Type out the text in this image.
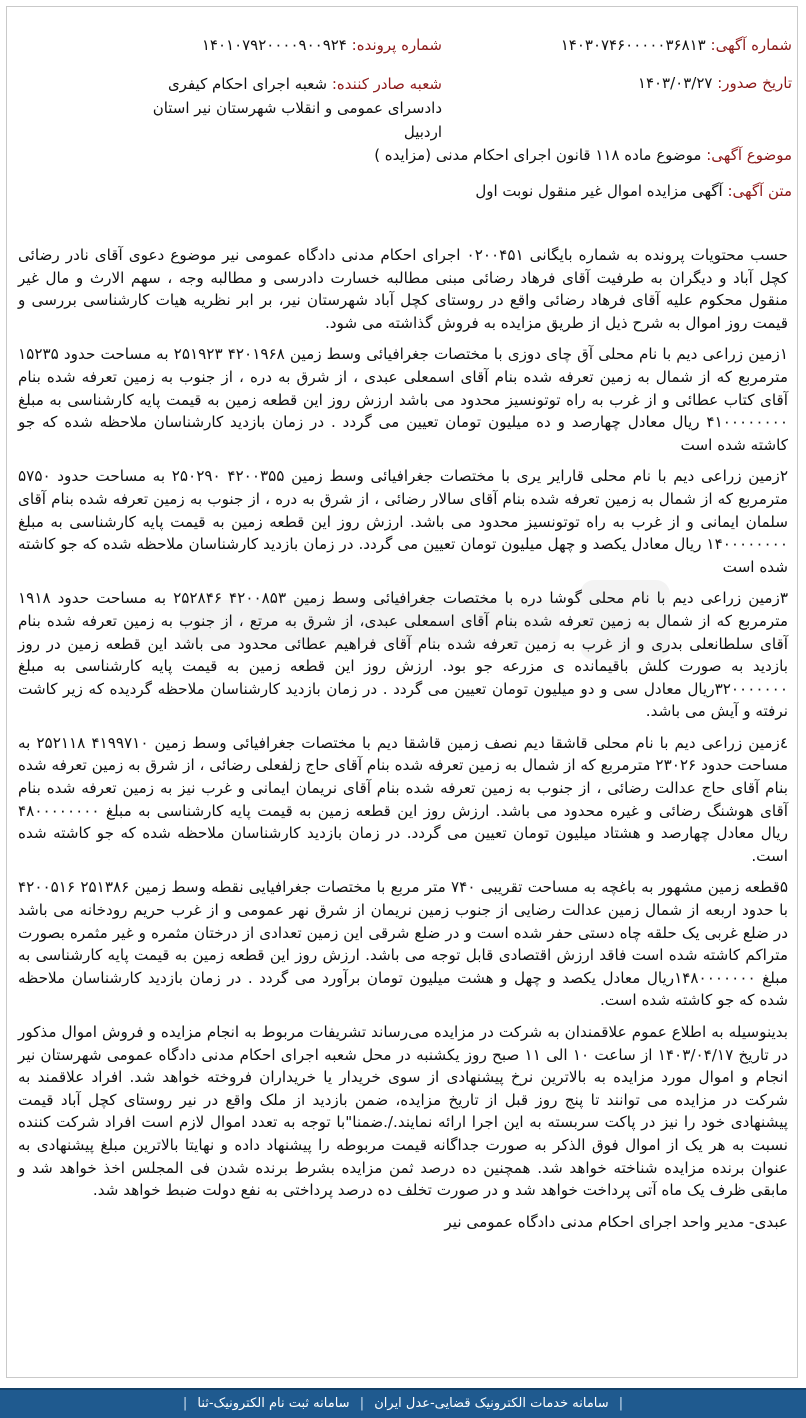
شماره آگهی: ۱۴۰۳۰۷۴۶۰۰۰۰۰۳۶۸۱۳
شماره پرونده: ۱۴۰۱۰۷۹۲۰۰۰۰۹۰۰۹۲۴
تاریخ صدور: ۱۴۰۳/۰۳/۲۷
شعبه صادر کننده: شعبه اجرای احکام کیفری دادسرای عمومی و انقلاب شهرستان نیر استان اردبیل
موضوع آگهی: موضوع ماده ۱۱۸ قانون اجرای احکام مدنی (مزایده )
متن آگهی: آگهی مزایده اموال غیر منقول نوبت اول

حسب محتویات پرونده به شماره بایگانی ۰۲۰۰۴۵۱ اجرای احکام مدنی دادگاه عمومی نیر موضوع دعوی آقای نادر رضائی کچل آباد و دیگران به طرفیت آقای فرهاد رضائی مبنی مطالبه خسارت دادرسی و مطالبه وجه ، سهم الارث و مال غیر منقول محکوم علیه آقای فرهاد رضائی واقع در روستای کچل آباد شهرستان نیر، بر ابر نظریه هیات کارشناسی بررسی و قیمت روز اموال به شرح ذیل از طریق مزایده به فروش گذاشته می شود.

۱زمین زراعی دیم با نام محلی آق چای دوزی با مختصات جغرافیائی وسط زمین ۴۲۰۱۹۶۸ ۲۵۱۹۲۳ به مساحت حدود ۱۵۲۳۵ مترمربع که از شمال به زمین تعرفه شده بنام آقای اسمعلی عبدی ، از شرق به دره ، از جنوب به زمین تعرفه شده بنام آقای کتاب عطائی و از غرب به راه توتونسیز محدود می باشد ارزش روز این قطعه زمین به قیمت پایه کارشناسی به مبلغ ۴۱۰۰۰۰۰۰۰۰ ریال معادل چهارصد و ده میلیون تومان تعیین می گردد . در زمان بازدید کارشناسان ملاحظه شده که جو کاشته شده است

۲زمین زراعی دیم با نام محلی قارایر یری با مختصات جغرافیائی وسط زمین ۴۲۰۰۳۵۵ ۲۵۰۲۹۰ به مساحت حدود ۵۷۵۰ مترمربع که از شمال به زمین تعرفه شده بنام آقای سالار رضائی ، از شرق به دره ، از جنوب به زمین تعرفه شده بنام آقای سلمان ایمانی و از غرب به راه توتونسیز محدود می باشد. ارزش روز این قطعه زمین به قیمت پایه کارشناسی به مبلغ ۱۴۰۰۰۰۰۰۰۰ ریال معادل یکصد و چهل میلیون تومان تعیین می گردد. در زمان بازدید کارشناسان ملاحظه شده که جو کاشته شده است

۳زمین زراعی دیم با نام محلی گوشا دره با مختصات جغرافیائی وسط زمین ۴۲۰۰۸۵۳ ۲۵۲۸۴۶ به مساحت حدود ۱۹۱۸ مترمربع که از شمال به زمین تعرفه شده بنام آقای اسمعلی عبدی، از شرق به مرتع ، از جنوب به زمین تعرفه شده بنام آقای سلطانعلی بدری و از غرب به زمین تعرفه شده بنام آقای فراهیم عطائی محدود می باشد این قطعه زمین در روز بازدید به صورت کلش باقیمانده ی مزرعه جو بود. ارزش روز این قطعه زمین به قیمت پایه کارشناسی به مبلغ ۳۲۰۰۰۰۰۰۰ریال معادل سی و دو میلیون تومان تعیین می گردد . در زمان بازدید کارشناسان ملاحظه گردیده که زیر کاشت نرفته و آیش می باشد.

٤زمین زراعی دیم با نام محلی قاشقا دیم نصف زمین قاشقا دیم با مختصات جغرافیائی وسط زمین ۴۱۹۹۷۱۰ ۲۵۲۱۱۸ به مساحت حدود ۲۳۰۲۶ مترمربع که از شمال به زمین تعرفه شده بنام آقای حاج زلفعلی رضائی ، از شرق به زمین تعرفه شده بنام آقای حاج عدالت رضائی ، از جنوب به زمین تعرفه شده بنام آقای نریمان ایمانی و غرب نیز به زمین تعرفه شده بنام آقای هوشنگ رضائی و غیره محدود می باشد. ارزش روز این قطعه زمین به قیمت پایه کارشناسی به مبلغ ۴۸۰۰۰۰۰۰۰۰ ریال معادل چهارصد و هشتاد میلیون تومان تعیین می گردد. در زمان بازدید کارشناسان ملاحظه شده که جو کاشته شده است.

۵قطعه زمین مشهور به باغچه به مساحت تقریبی ۷۴۰ متر مربع با مختصات جغرافیایی نقطه وسط زمین ۲۵۱۳۸۶ ۴۲۰۰۵۱۶ با حدود اربعه از شمال زمین عدالت رضایی از جنوب زمین نریمان از شرق نهر عمومی و از غرب حریم رودخانه می باشد در ضلع غربی یک حلقه چاه دستی حفر شده است و در ضلع شرقی این زمین تعدادی از درختان مثمره و غیر مثمره بصورت متراکم کاشته شده است فاقد ارزش اقتصادی قابل توجه می باشد. ارزش روز این قطعه زمین به قیمت پایه کارشناسی به مبلغ ۱۴۸۰۰۰۰۰۰۰ریال معادل یکصد و چهل و هشت میلیون تومان برآورد می گردد . در زمان بازدید کارشناسان ملاحظه شده که جو کاشته شده است.

بدینوسیله به اطلاع عموم علاقمندان به شرکت در مزایده می‌رساند تشریفات مربوط به انجام مزایده و فروش اموال مذکور در تاریخ ۱۴۰۳/۰۴/۱۷ از ساعت ۱۰ الی ۱۱ صبح روز یکشنبه در محل شعبه اجرای احکام مدنی دادگاه عمومی شهرستان نیر انجام و اموال مورد مزایده به بالاترین نرخ پیشنهادی از سوی خریدار یا خریداران فروخته خواهد شد. افراد علاقمند به شرکت در مزایده می توانند تا پنج روز قبل از تاریخ مزایده، ضمن بازدید از ملک واقع در نیر روستای کچل آباد قیمت پیشنهادی خود را نیز در پاکت سربسته به این اجرا ارائه نمایند./.ضمنا"با توجه به تعدد اموال لازم است افراد شرکت کننده نسبت به هر یک از اموال فوق الذکر به صورت جداگانه قیمت مربوطه را پیشنهاد داده و نهایتا بالاترین مبلغ پیشنهادی به عنوان برنده مزایده شناخته خواهد شد. همچنین ده درصد ثمن مزایده بشرط برنده شدن فی المجلس اخذ خواهد شد و مابقی ظرف یک ماه آتی پرداخت خواهد شد و در صورت تخلف ده درصد پرداختی به نفع دولت ضبط خواهد شد.

عبدی- مدیر واحد اجرای احکام مدنی دادگاه عمومی نیر

| سامانه خدمات الکترونیک قضایی-عدل ایران | سامانه ثبت نام الکترونیک-ثنا |
